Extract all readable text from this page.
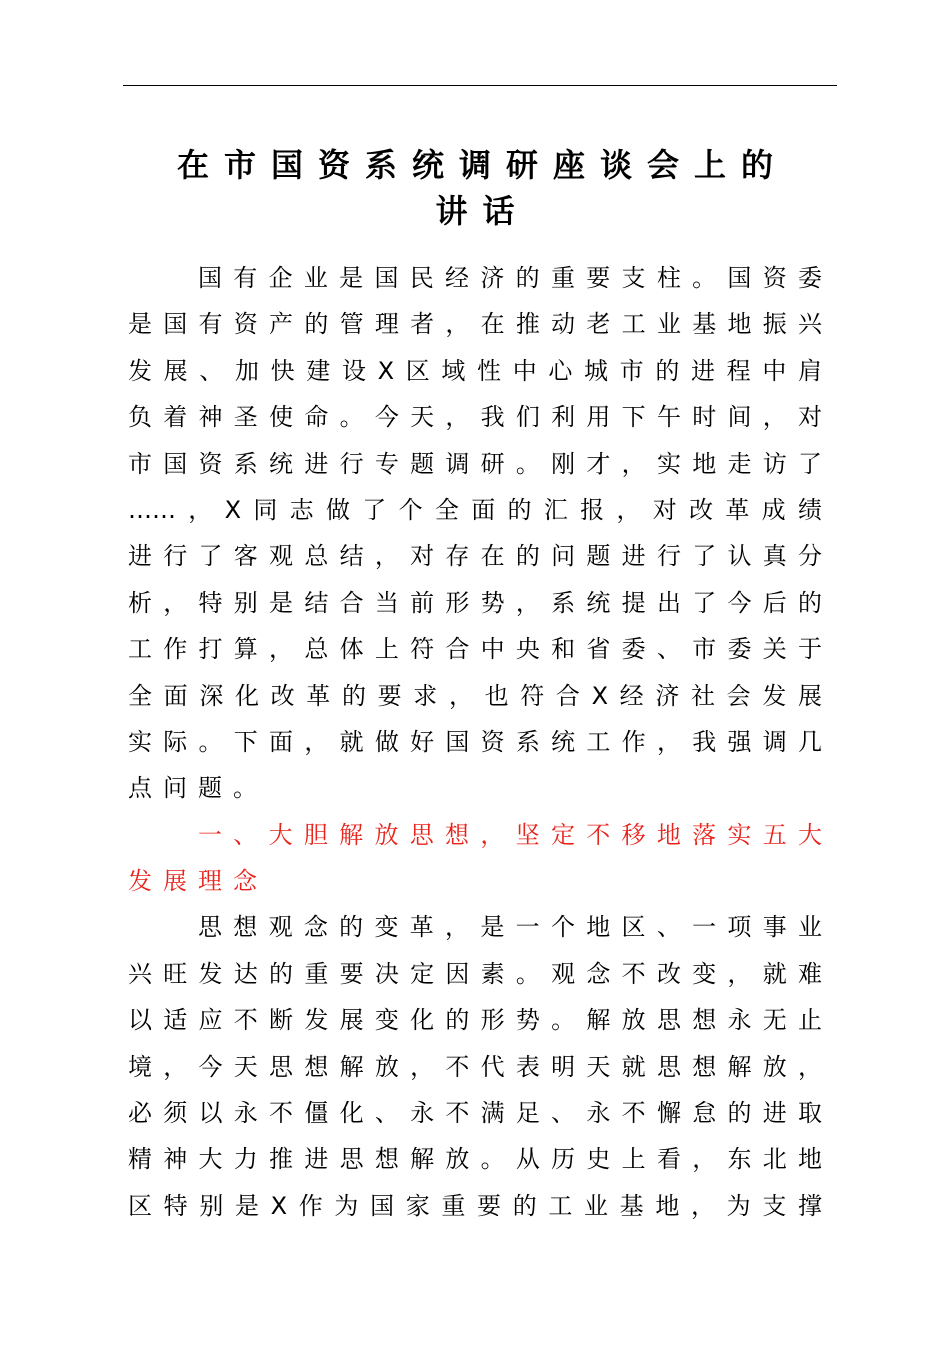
在市国资系统调研座谈会上的
讲话
国有企业是国民经济的重要支柱。国资委
是国有资产的管理者，在推动老工业基地振兴
发展、加快建设X区域性中心城市的进程中肩
负着神圣使命。今天，我们利用下午时间，对
市国资系统进行专题调研。刚才，实地走访了
……，X同志做了个全面的汇报，对改革成绩
进行了客观总结，对存在的问题进行了认真分
析，特别是结合当前形势，系统提出了今后的
工作打算，总体上符合中央和省委、市委关于
全面深化改革的要求，也符合X经济社会发展
实际。下面，就做好国资系统工作，我强调几
点问题。
一、大胆解放思想，坚定不移地落实五大
发展理念
思想观念的变革，是一个地区、一项事业
兴旺发达的重要决定因素。观念不改变，就难
以适应不断发展变化的形势。解放思想永无止
境，今天思想解放，不代表明天就思想解放，
必须以永不僵化、永不满足、永不懈怠的进取
精神大力推进思想解放。从历史上看，东北地
区特别是X作为国家重要的工业基地，为支撑
